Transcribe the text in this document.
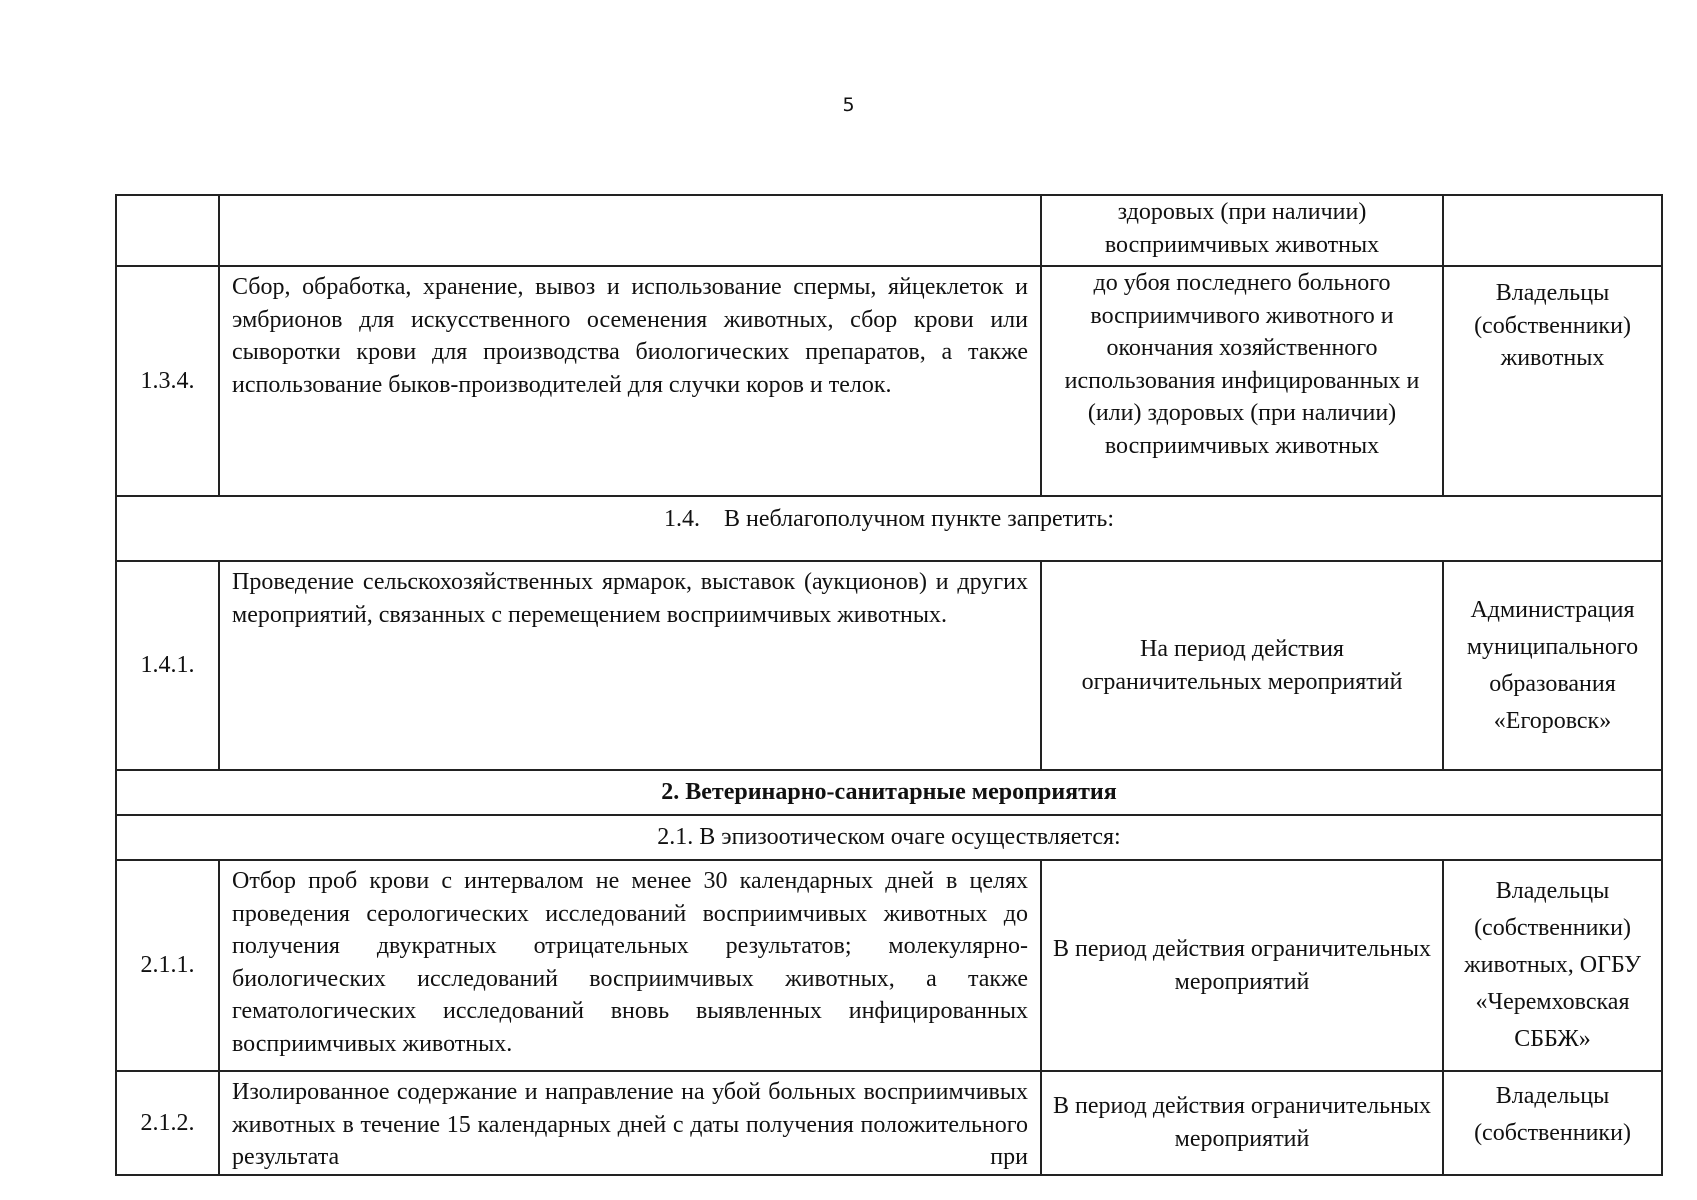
5
		здоровых (при наличии) восприимчивых животных	
1.3.4.	Сбор, обработка, хранение, вывоз и использование спермы, яйцеклеток и эмбрионов для искусственного осеменения животных, сбор крови или сыворотки крови для производства биологических препаратов, а также использование быков-производителей для случки коров и телок.	до убоя последнего больного восприимчивого животного и окончания хозяйственного использования инфицированных и (или) здоровых (при наличии) восприимчивых животных	Владельцы (собственники) животных
1.4.    В неблагополучном пункте запретить:			
1.4.1.	Проведение сельскохозяйственных ярмарок, выставок (аукционов) и других мероприятий, связанных с перемещением восприимчивых животных.	На период действия ограничительных мероприятий	Администрация муниципального образования «Егоровск»
2. Ветеринарно-санитарные мероприятия			
2.1. В эпизоотическом очаге осуществляется:			
2.1.1.	Отбор проб крови с интервалом не менее 30 календарных дней в целях проведения серологических исследований восприимчивых животных до получения двукратных отрицательных результатов; молекулярно-биологических исследований восприимчивых животных, а также гематологических исследований вновь выявленных инфицированных восприимчивых животных.	В период действия ограничительных мероприятий	Владельцы (собственники) животных, ОГБУ «Черемховская СББЖ»
2.1.2.	Изолированное содержание и направление на убой больных восприимчивых животных в течение 15 календарных дней с даты получения положительного результата при	В период действия ограничительных мероприятий	Владельцы (собственники)
